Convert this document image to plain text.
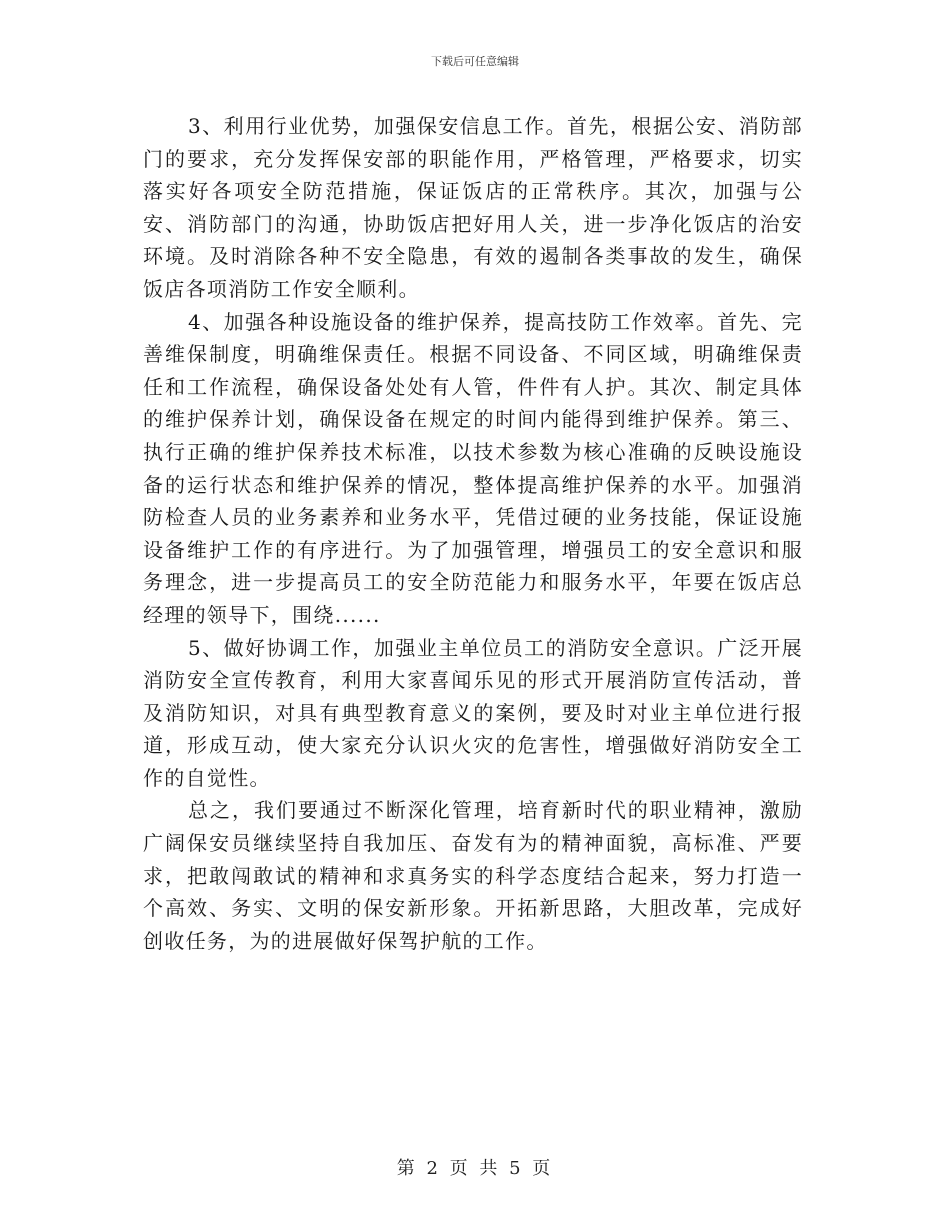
下载后可任意编辑

3、利用行业优势，加强保安信息工作。首先，根据公安、消防部门的要求，充分发挥保安部的职能作用，严格管理，严格要求，切实落实好各项安全防范措施，保证饭店的正常秩序。其次，加强与公安、消防部门的沟通，协助饭店把好用人关，进一步净化饭店的治安环境。及时消除各种不安全隐患，有效的遏制各类事故的发生，确保饭店各项消防工作安全顺利。

4、加强各种设施设备的维护保养，提高技防工作效率。首先、完善维保制度，明确维保责任。根据不同设备、不同区域，明确维保责任和工作流程，确保设备处处有人管，件件有人护。其次、制定具体的维护保养计划，确保设备在规定的时间内能得到维护保养。第三、执行正确的维护保养技术标准，以技术参数为核心准确的反映设施设备的运行状态和维护保养的情况，整体提高维护保养的水平。加强消防检查人员的业务素养和业务水平，凭借过硬的业务技能，保证设施设备维护工作的有序进行。为了加强管理，增强员工的安全意识和服务理念，进一步提高员工的安全防范能力和服务水平，年要在饭店总经理的领导下，围绕......

5、做好协调工作，加强业主单位员工的消防安全意识。广泛开展消防安全宣传教育，利用大家喜闻乐见的形式开展消防宣传活动，普及消防知识，对具有典型教育意义的案例，要及时对业主单位进行报道，形成互动，使大家充分认识火灾的危害性，增强做好消防安全工作的自觉性。

总之，我们要通过不断深化管理，培育新时代的职业精神，激励广阔保安员继续坚持自我加压、奋发有为的精神面貌，高标准、严要求，把敢闯敢试的精神和求真务实的科学态度结合起来，努力打造一个高效、务实、文明的保安新形象。开拓新思路，大胆改革，完成好创收任务，为的进展做好保驾护航的工作。

第 2 页 共 5 页
